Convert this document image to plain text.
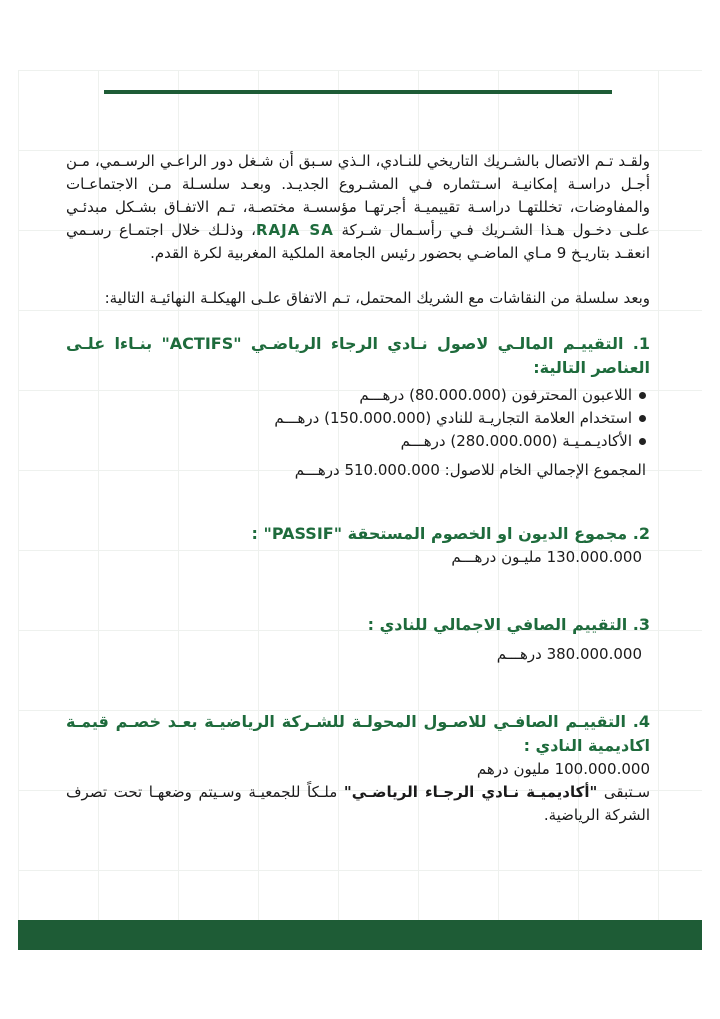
ولقـد تـم الاتصال بالشـريك التاريخي للنـادي، الـذي سـبق أن شـغل دور الراعـي الرسـمي، مـن أجـل دراسـة إمكانيـة اسـتثماره فـي المشـروع الجديـد. وبعـد سلسـلة مـن الاجتماعـات والمفاوضات، تخللتهـا دراسـة تقييميـة أجرتهـا مؤسسـة مختصـة، تـم الاتفـاق بشـكل مبدئـي علـى دخـول هـذا الشـريك فـي رأسـمال شـركة RAJA SA، وذلـك خلال اجتمـاع رسـمي انعقـد بتاريـخ 9 مـاي الماضـي بحضور رئيس الجامعة الملكية المغربية لكرة القدم.

وبعد سلسلة من النقاشات مع الشريك المحتمل، تـم الاتفاق علـى الهيكلـة النهائيـة التالية:

1. التقييـم المالـي لاصول نـادي الرجاء الرياضـي "ACTIFS" بنـاءا علـى العناصر التالية:
اللاعبون المحترفون (80.000.000) درهـــم
استخدام العلامة التجاريـة للنادي (150.000.000) درهـــم
الأكاديـمـيـة (280.000.000) درهـــم

المجموع الإجمالي الخام للاصول: 510.000.000 درهـــم

2. مجموع الديون او الخصوم المستحقة "PASSIF" :

130.000.000 مليـون درهـــم

3. التقييم الصافي الاجمالي للنادي :

380.000.000 درهـــم

4. التقييـم الصافـي للاصـول المحولـة للشـركة الرياضيـة بعـد خصـم قيمـة اكاديمية النادي :

100.000.000 مليون درهم

سـتبقى "أكاديميـة نـادي الرجـاء الرياضـي" ملـكاً للجمعيـة وسـيتم وضعهـا تحت تصرف الشركة الرياضية.
